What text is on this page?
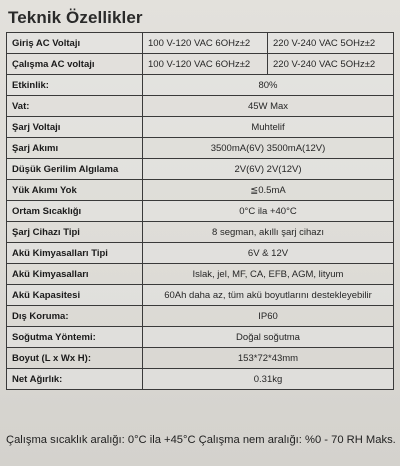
Teknik Özellikler
Giriş AC Voltajı	100 V-120 VAC 6OHz±2	220 V-240 VAC 5OHz±2
Çalışma AC voltajı	100 V-120 VAC 6OHz±2	220 V-240 VAC 5OHz±2
Etkinlik:	80%	
Vat:	45W Max	
Şarj Voltajı	Muhtelif	
Şarj Akımı	3500mA(6V) 3500mA(12V)	
Düşük Gerilim Algılama	2V(6V) 2V(12V)	
Yük Akımı Yok	≦0.5mA	
Ortam Sıcaklığı	0°C ila +40°C	
Şarj Cihazı Tipi	8 segman, akıllı şarj cihazı	
Akü Kimyasalları Tipi	6V & 12V	
Akü Kimyasalları	Islak, jel, MF, CA, EFB, AGM, lityum	
Akü Kapasitesi	60Ah daha az, tüm akü boyutlarını destekleyebilir	
Dış Koruma:	IP60	
Soğutma Yöntemi:	Doğal soğutma	
Boyut (L x Wx H):	153*72*43mm	
Net Ağırlık:	0.31kg	
Çalışma sıcaklık aralığı: 0°C ila +45°C Çalışma nem aralığı: %0 - 70 RH Maks.
